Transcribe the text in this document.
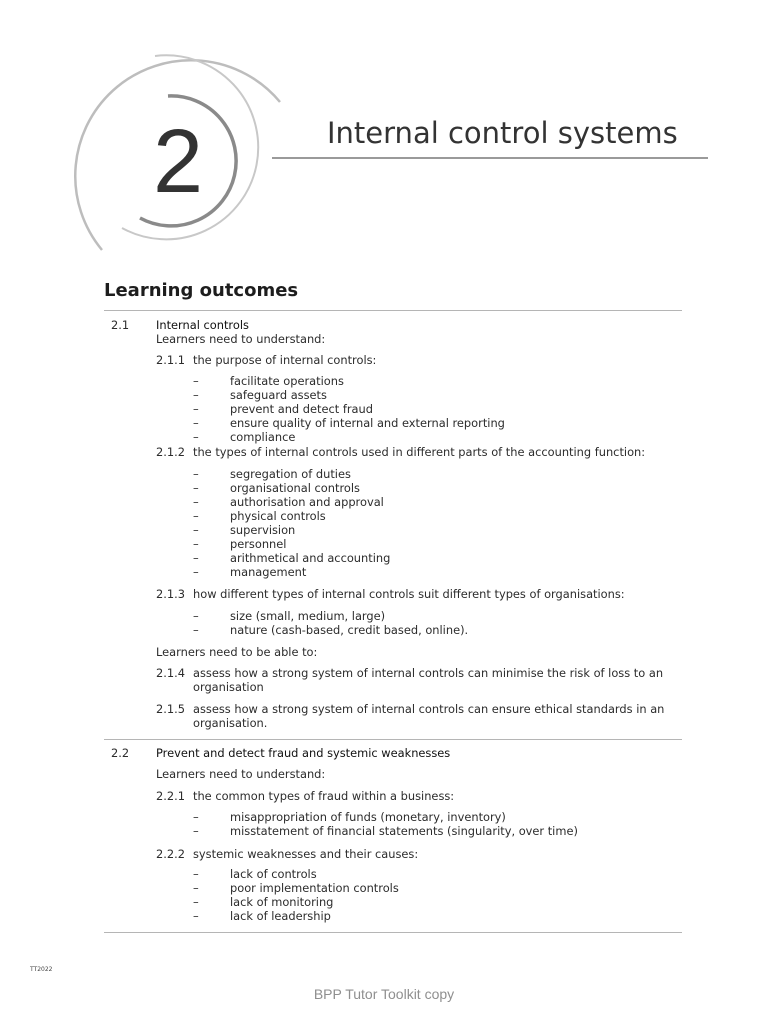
2	Internal control systems
Learning outcomes
2.1 Internal controls
Learners need to understand:
2.1.1 the purpose of internal controls:
–	facilitate operations
–	safeguard assets
–	prevent and detect fraud
–	ensure quality of internal and external reporting
–	compliance
2.1.2 the types of internal controls used in different parts of the accounting function:
–	segregation of duties
–	organisational controls
–	authorisation and approval
–	physical controls
–	supervision
–	personnel
–	arithmetical and accounting
–	management
2.1.3 how different types of internal controls suit different types of organisations:
–	size (small, medium, large)
–	nature (cash-based, credit based, online).
Learners need to be able to:
2.1.4 assess how a strong system of internal controls can minimise the risk of loss to an
organisation
2.1.5 assess how a strong system of internal controls can ensure ethical standards in an
organisation.
2.2 Prevent and detect fraud and systemic weaknesses
Learners need to understand:
2.2.1 the common types of fraud within a business:
–	misappropriation of funds (monetary, inventory)
–	misstatement of financial statements (singularity, over time)
2.2.2 systemic weaknesses and their causes:
–	lack of controls
–	poor implementation controls
–	lack of monitoring
–	lack of leadership
TT2022
BPP Tutor Toolkit copy
